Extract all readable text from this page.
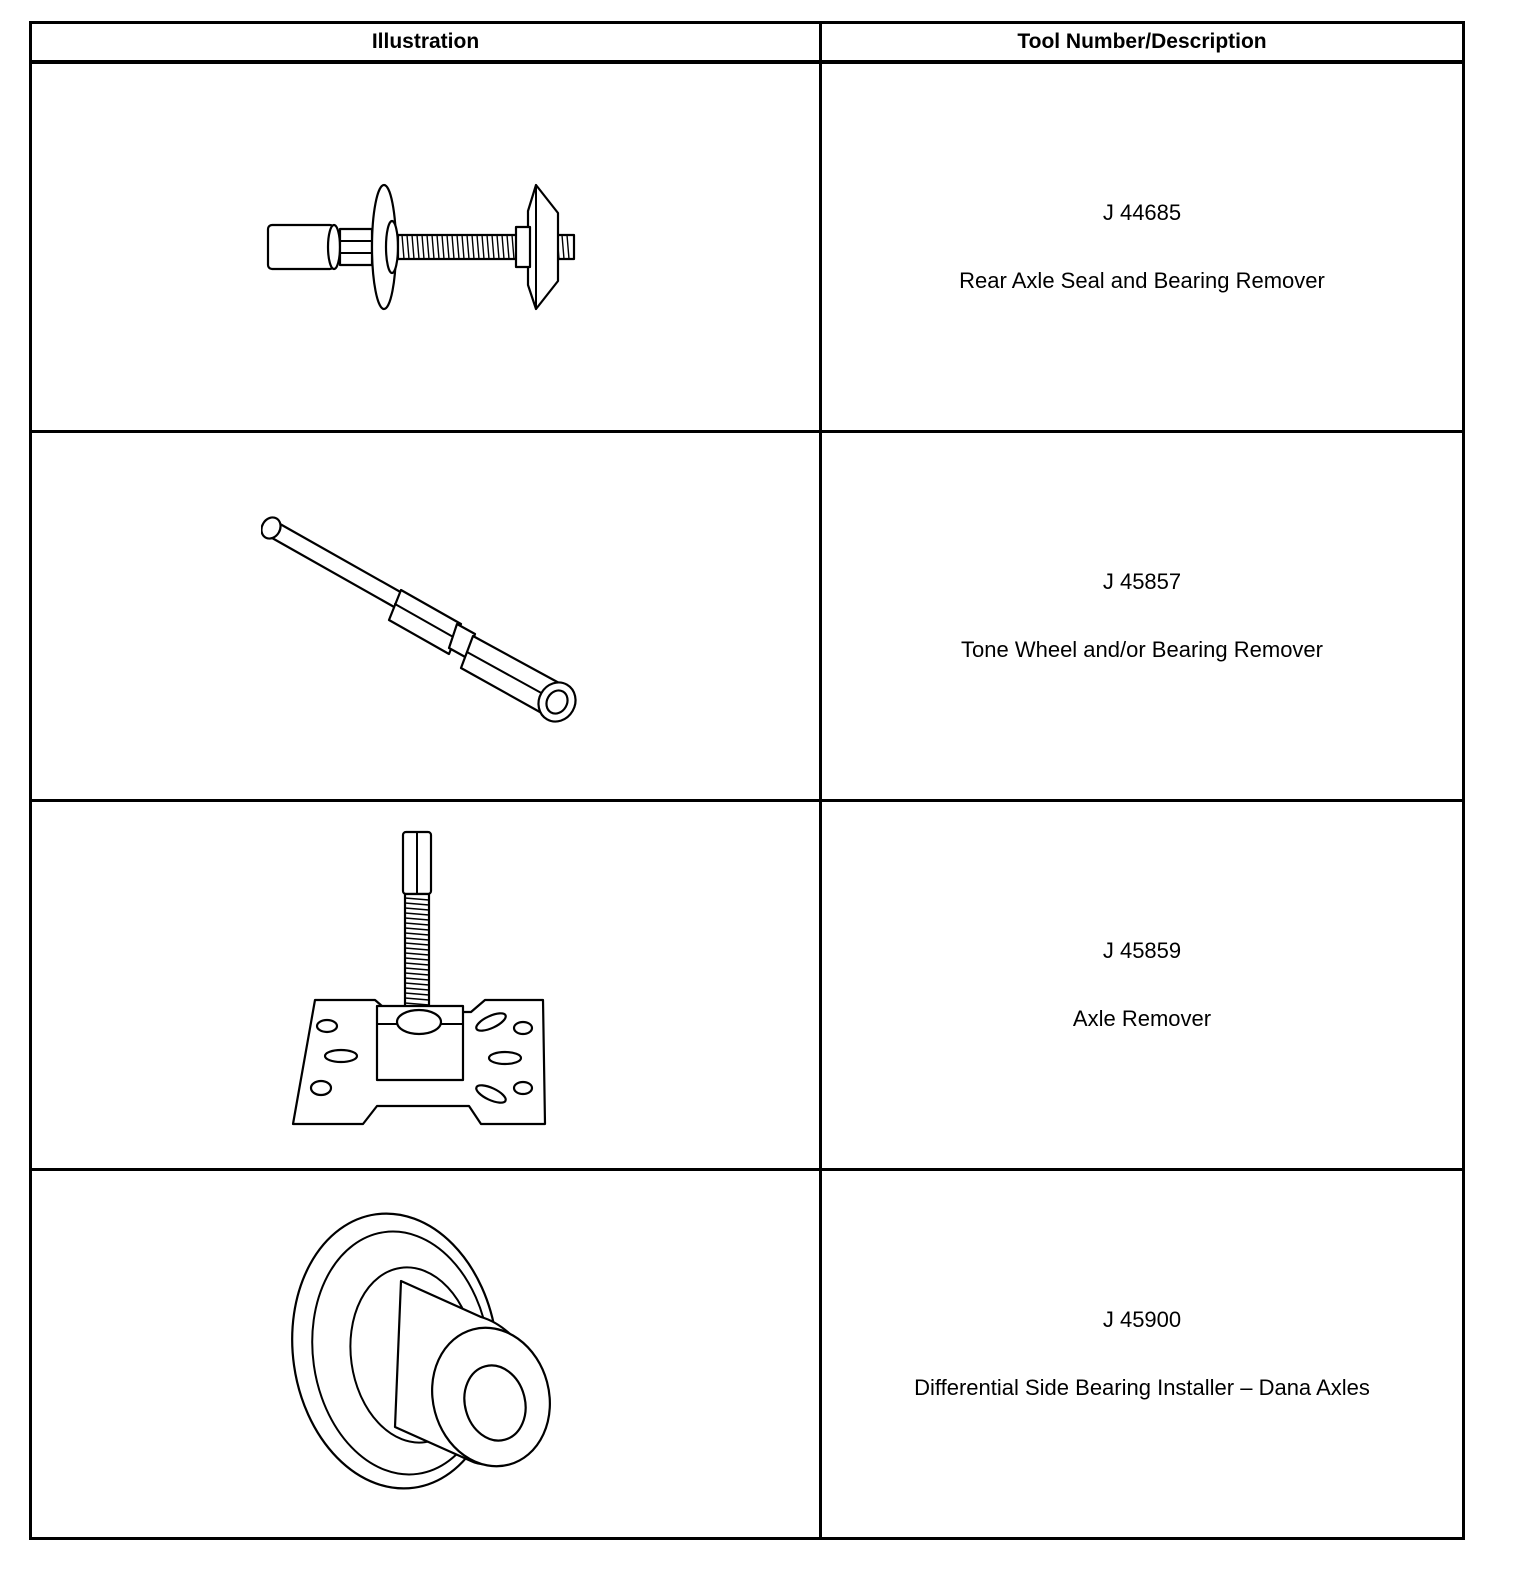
Illustration	Tool Number/Description

J 44685
Rear Axle Seal and Bearing Remover

J 45857
Tone Wheel and/or Bearing Remover

J 45859
Axle Remover

J 45900
Differential Side Bearing Installer – Dana Axles
